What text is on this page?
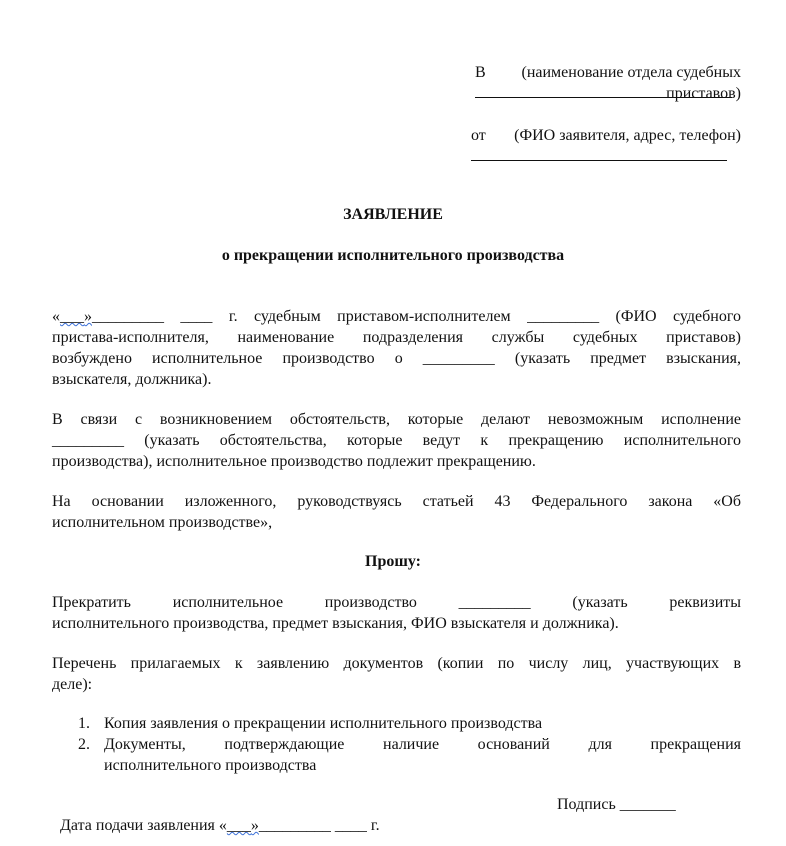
В
	(наименование отдела судебных
приставов)

от
	(ФИО заявителя, адрес, телефон)
ЗАЯВЛЕНИЕ
о прекращении исполнительного производства
«___»_________ ____ г. судебным приставом-исполнителем _________ (ФИО судебного
пристава-исполнителя, наименование подразделения службы судебных приставов)
возбуждено исполнительное производство о _________ (указать предмет взыскания,
взыскателя, должника).
В связи с возникновением обстоятельств, которые делают невозможным исполнение
_________ (указать обстоятельства, которые ведут к прекращению исполнительного
производства), исполнительное производство подлежит прекращению.
На основании изложенного, руководствуясь статьей 43 Федерального закона «Об
исполнительном производстве»,
Прошу:
Прекратить исполнительное производство _________ (указать реквизиты
исполнительного производства, предмет взыскания, ФИО взыскателя и должника).
Перечень прилагаемых к заявлению документов (копии по числу лиц, участвующих в
деле):
1. Копия заявления о прекращении исполнительного производства
2. Документы, подтверждающие наличие оснований для прекращения
исполнительного производства

Дата подачи заявления «___»_________ ____ г.

Подпись _______
